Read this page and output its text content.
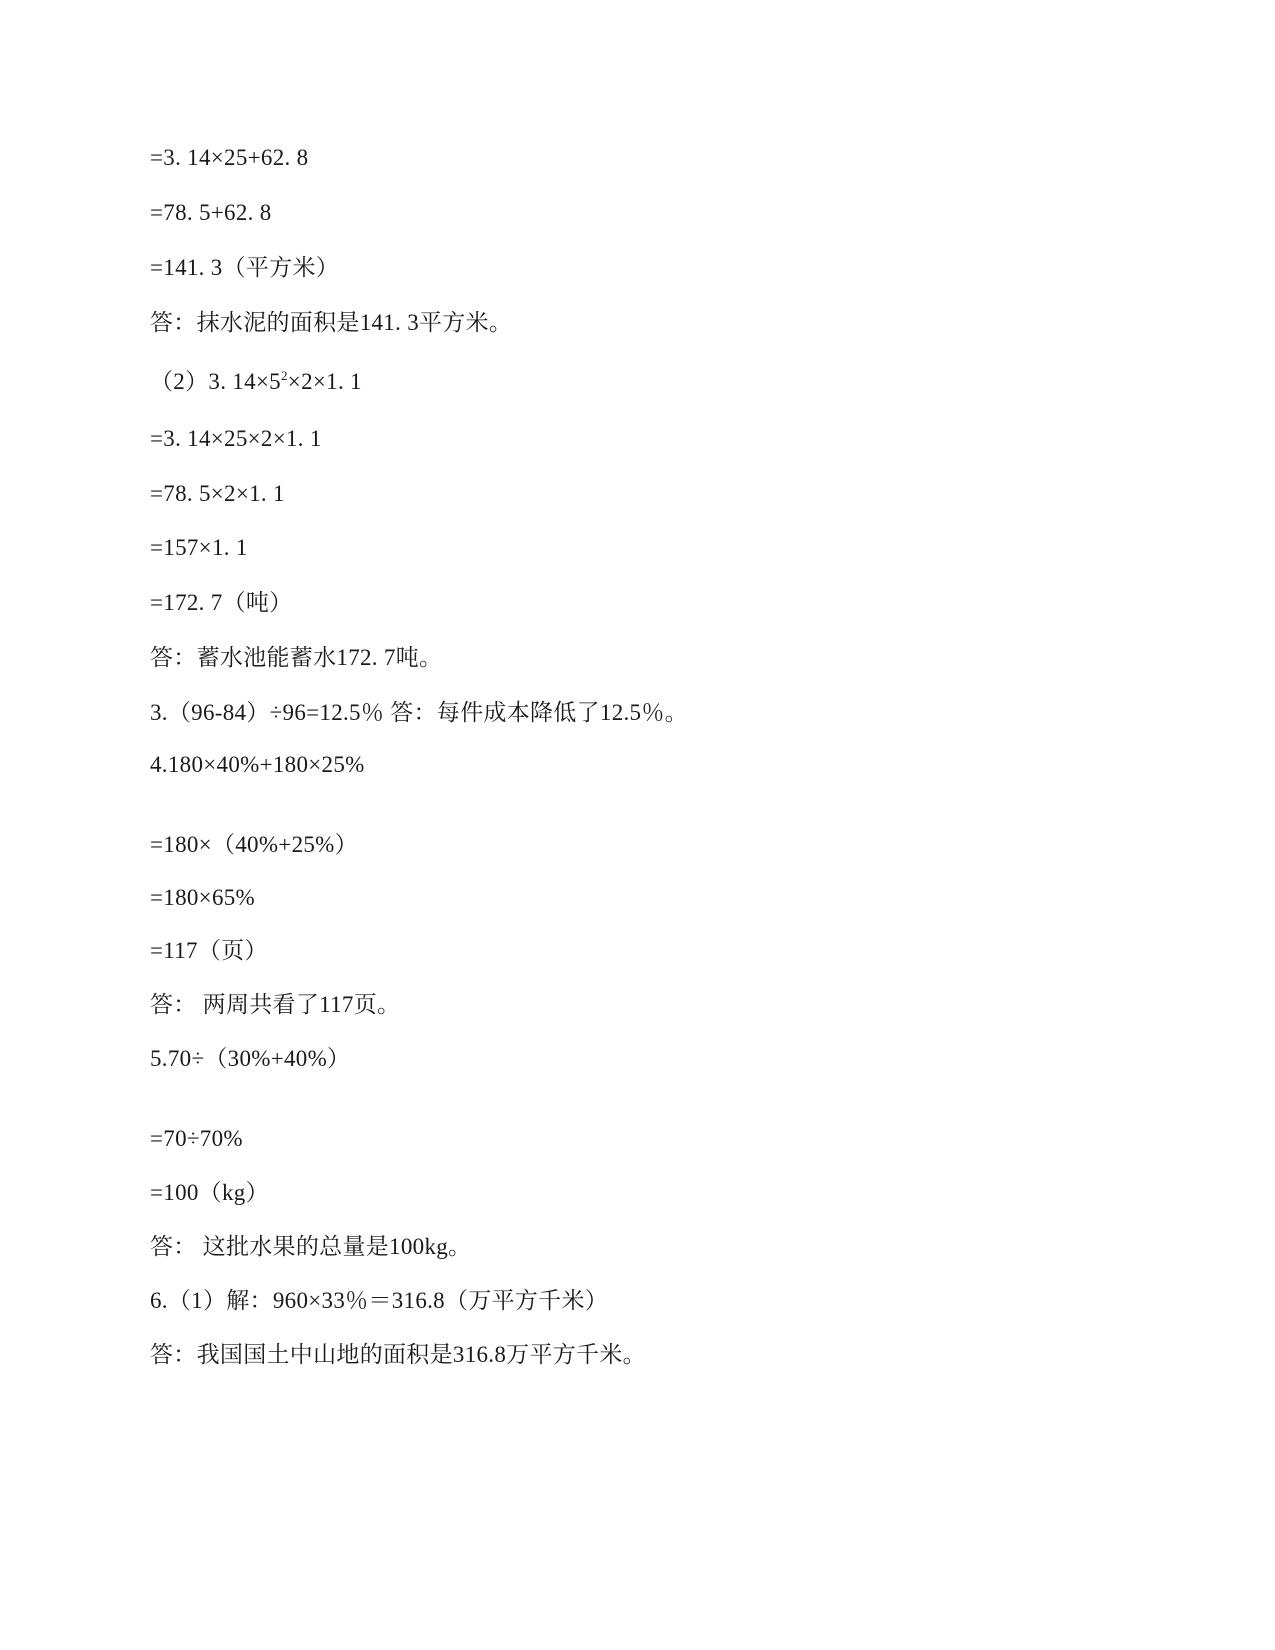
=3. 14×25+62. 8
=78. 5+62. 8
=141. 3（平方米）
答：抹水泥的面积是141. 3平方米。
（2）3. $14\times 5^2\times 2\times 1$. 1
=3. 14×25×2×1. 1
=78. 5×2×1. 1
=157×1. 1
=172. 7（吨）
答：蓄水池能蓄水172. 7吨。
3.（96-84）÷96=12.5％ 答：每件成本降低了12.5％。
4.180×40%+180×25%
=180×（40%+25%）
=180×65%
=117（页）
答： 两周共看了117页。
5.70÷（30%+40%）
=70÷70%
=100（kg）
答： 这批水果的总量是100kg。
6.（1）解：960×33％＝316.8（万平方千米）
答：我国国土中山地的面积是316.8万平方千米。
